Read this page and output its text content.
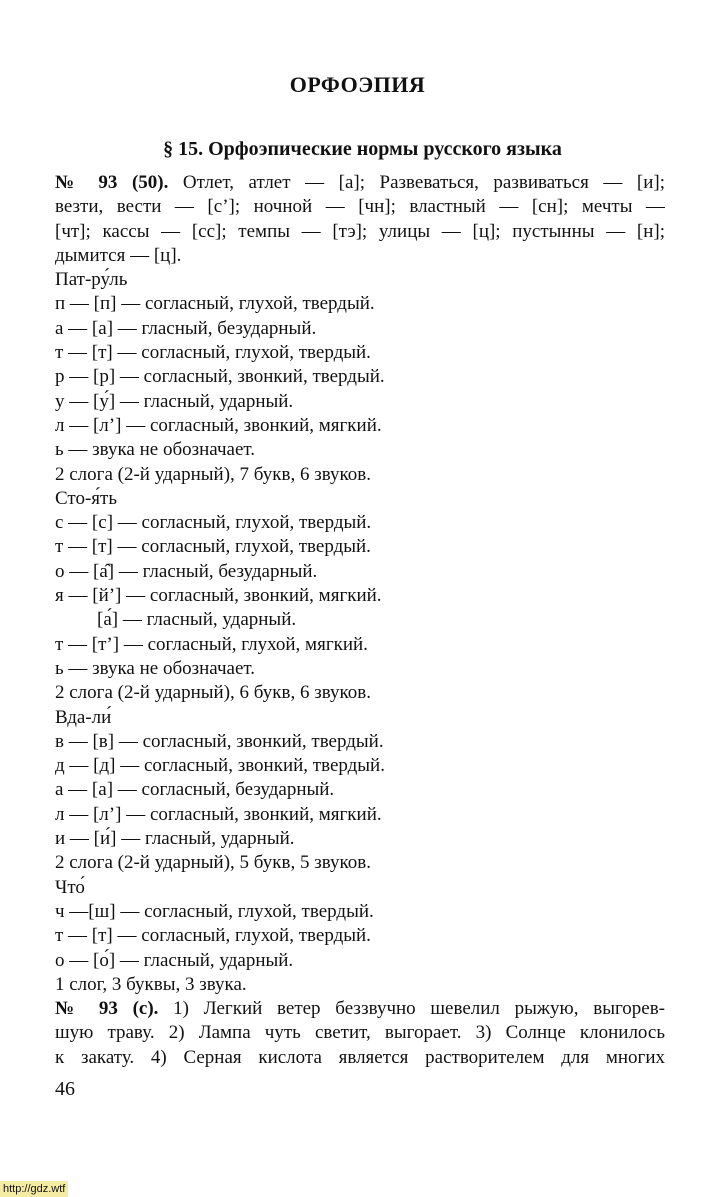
ОРФОЭПИЯ
§ 15. Орфоэпические нормы русского языка
№ 93 (50). Отлет, атлет — [а]; Развеваться, развиваться — [и];
везти, вести — [с’]; ночной — [чн]; властный — [сн]; мечты —
[чт]; кассы — [сс]; темпы — [тэ]; улицы — [ц]; пустынны — [н];
дымится — [ц].
Пат-ру́ль
п — [п] — согласный, глухой, твердый.
а — [а] — гласный, безударный.
т — [т] — согласный, глухой, твердый.
р — [р] — согласный, звонкий, твердый.
у — [у́] — гласный, ударный.
л — [л’] — согласный, звонкий, мягкий.
ь — звука не обозначает.
2 слога (2-й ударный), 7 букв, 6 звуков.
Сто-я́ть
с — [с] — согласный, глухой, твердый.
т — [т] — согласный, глухой, твердый.
о — [а̂] — гласный, безударный.
я — [й’] — согласный, звонкий, мягкий.
[а́] — гласный, ударный.
т — [т’] — согласный, глухой, мягкий.
ь — звука не обозначает.
2 слога (2-й ударный), 6 букв, 6 звуков.
Вда-ли́
в — [в] — согласный, звонкий, твердый.
д — [д] — согласный, звонкий, твердый.
а — [а] — согласный, безударный.
л — [л’] — согласный, звонкий, мягкий.
и — [и́] — гласный, ударный.
2 слога (2-й ударный), 5 букв, 5 звуков.
Что́
ч —[ш] — согласный, глухой, твердый.
т — [т] — согласный, глухой, твердый.
о — [о́] — гласный, ударный.
1 слог, 3 буквы, 3 звука.
№ 93 (с). 1) Легкий ветер беззвучно шевелил рыжую, выгорев-
шую траву. 2) Лампа чуть светит, выгорает. 3) Солнце клонилось
к закату. 4) Серная кислота является растворителем для многих
46
http://gdz.wtf
